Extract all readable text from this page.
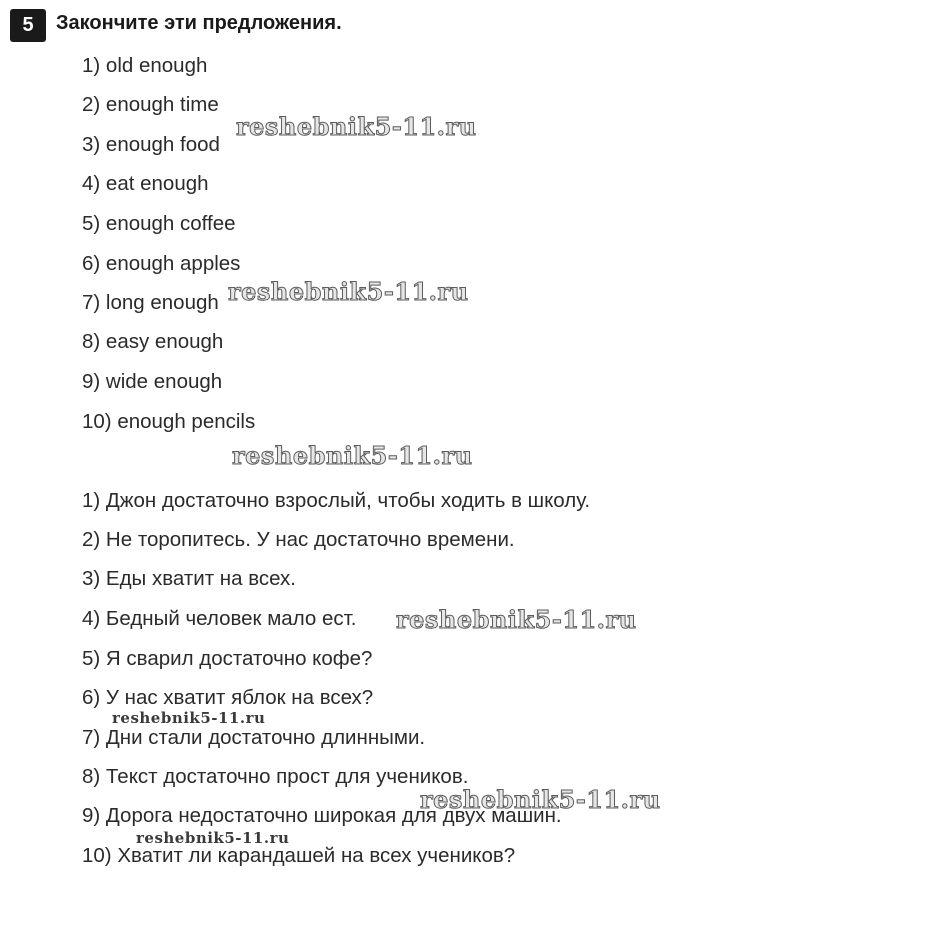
5	Закончите эти предложения.
1) old enough
2) enough time
3) enough food
4) eat enough
5) enough coffee
6) enough apples
7) long enough
8) easy enough
9) wide enough
10) enough pencils
1) Джон достаточно взрослый, чтобы ходить в школу.
2) Не торопитесь. У нас достаточно времени.
3) Еды хватит на всех.
4) Бедный человек мало ест.
5) Я сварил достаточно кофе?
6) У нас хватит яблок на всех?
7) Дни стали достаточно длинными.
8) Текст достаточно прост для учеников.
9) Дорога недостаточно широкая для двух машин.
10) Хватит ли карандашей на всех учеников?
reshebnik5-11.ru
reshebnik5-11.ru
reshebnik5-11.ru
reshebnik5-11.ru
reshebnik5-11.ru
reshebnik5-11.ru
reshebnik5-11.ru
